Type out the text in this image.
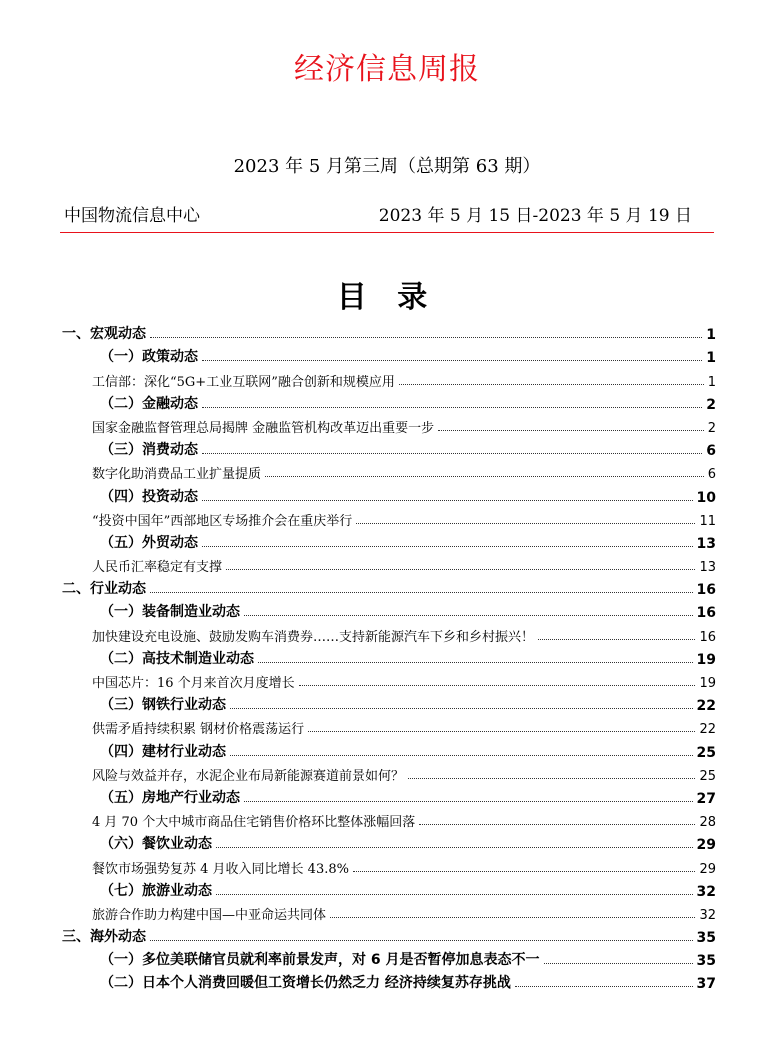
经济信息周报
2023 年 5 月第三周（总期第 63 期）
中国物流信息中心	2023 年 5 月 15 日-2023 年 5 月 19 日
目 录
一、宏观动态	1
（一）政策动态	1
工信部：深化“5G+工业互联网”融合创新和规模应用	1
（二）金融动态	2
国家金融监督管理总局揭牌 金融监管机构改革迈出重要一步	2
（三）消费动态	6
数字化助消费品工业扩量提质	6
（四）投资动态	10
“投资中国年”西部地区专场推介会在重庆举行	11
（五）外贸动态	13
人民币汇率稳定有支撑	13
二、行业动态	16
（一）装备制造业动态	16
加快建设充电设施、鼓励发购车消费券……支持新能源汽车下乡和乡村振兴！	16
（二）高技术制造业动态	19
中国芯片：16 个月来首次月度增长	19
（三）钢铁行业动态	22
供需矛盾持续积累 钢材价格震荡运行	22
（四）建材行业动态	25
风险与效益并存，水泥企业布局新能源赛道前景如何？	25
（五）房地产行业动态	27
4 月 70 个大中城市商品住宅销售价格环比整体涨幅回落	28
（六）餐饮业动态	29
餐饮市场强势复苏 4 月收入同比增长 43.8%	29
（七）旅游业动态	32
旅游合作助力构建中国—中亚命运共同体	32
三、海外动态	35
（一）多位美联储官员就利率前景发声，对 6 月是否暂停加息表态不一	35
（二）日本个人消费回暖但工资增长仍然乏力 经济持续复苏存挑战	37
